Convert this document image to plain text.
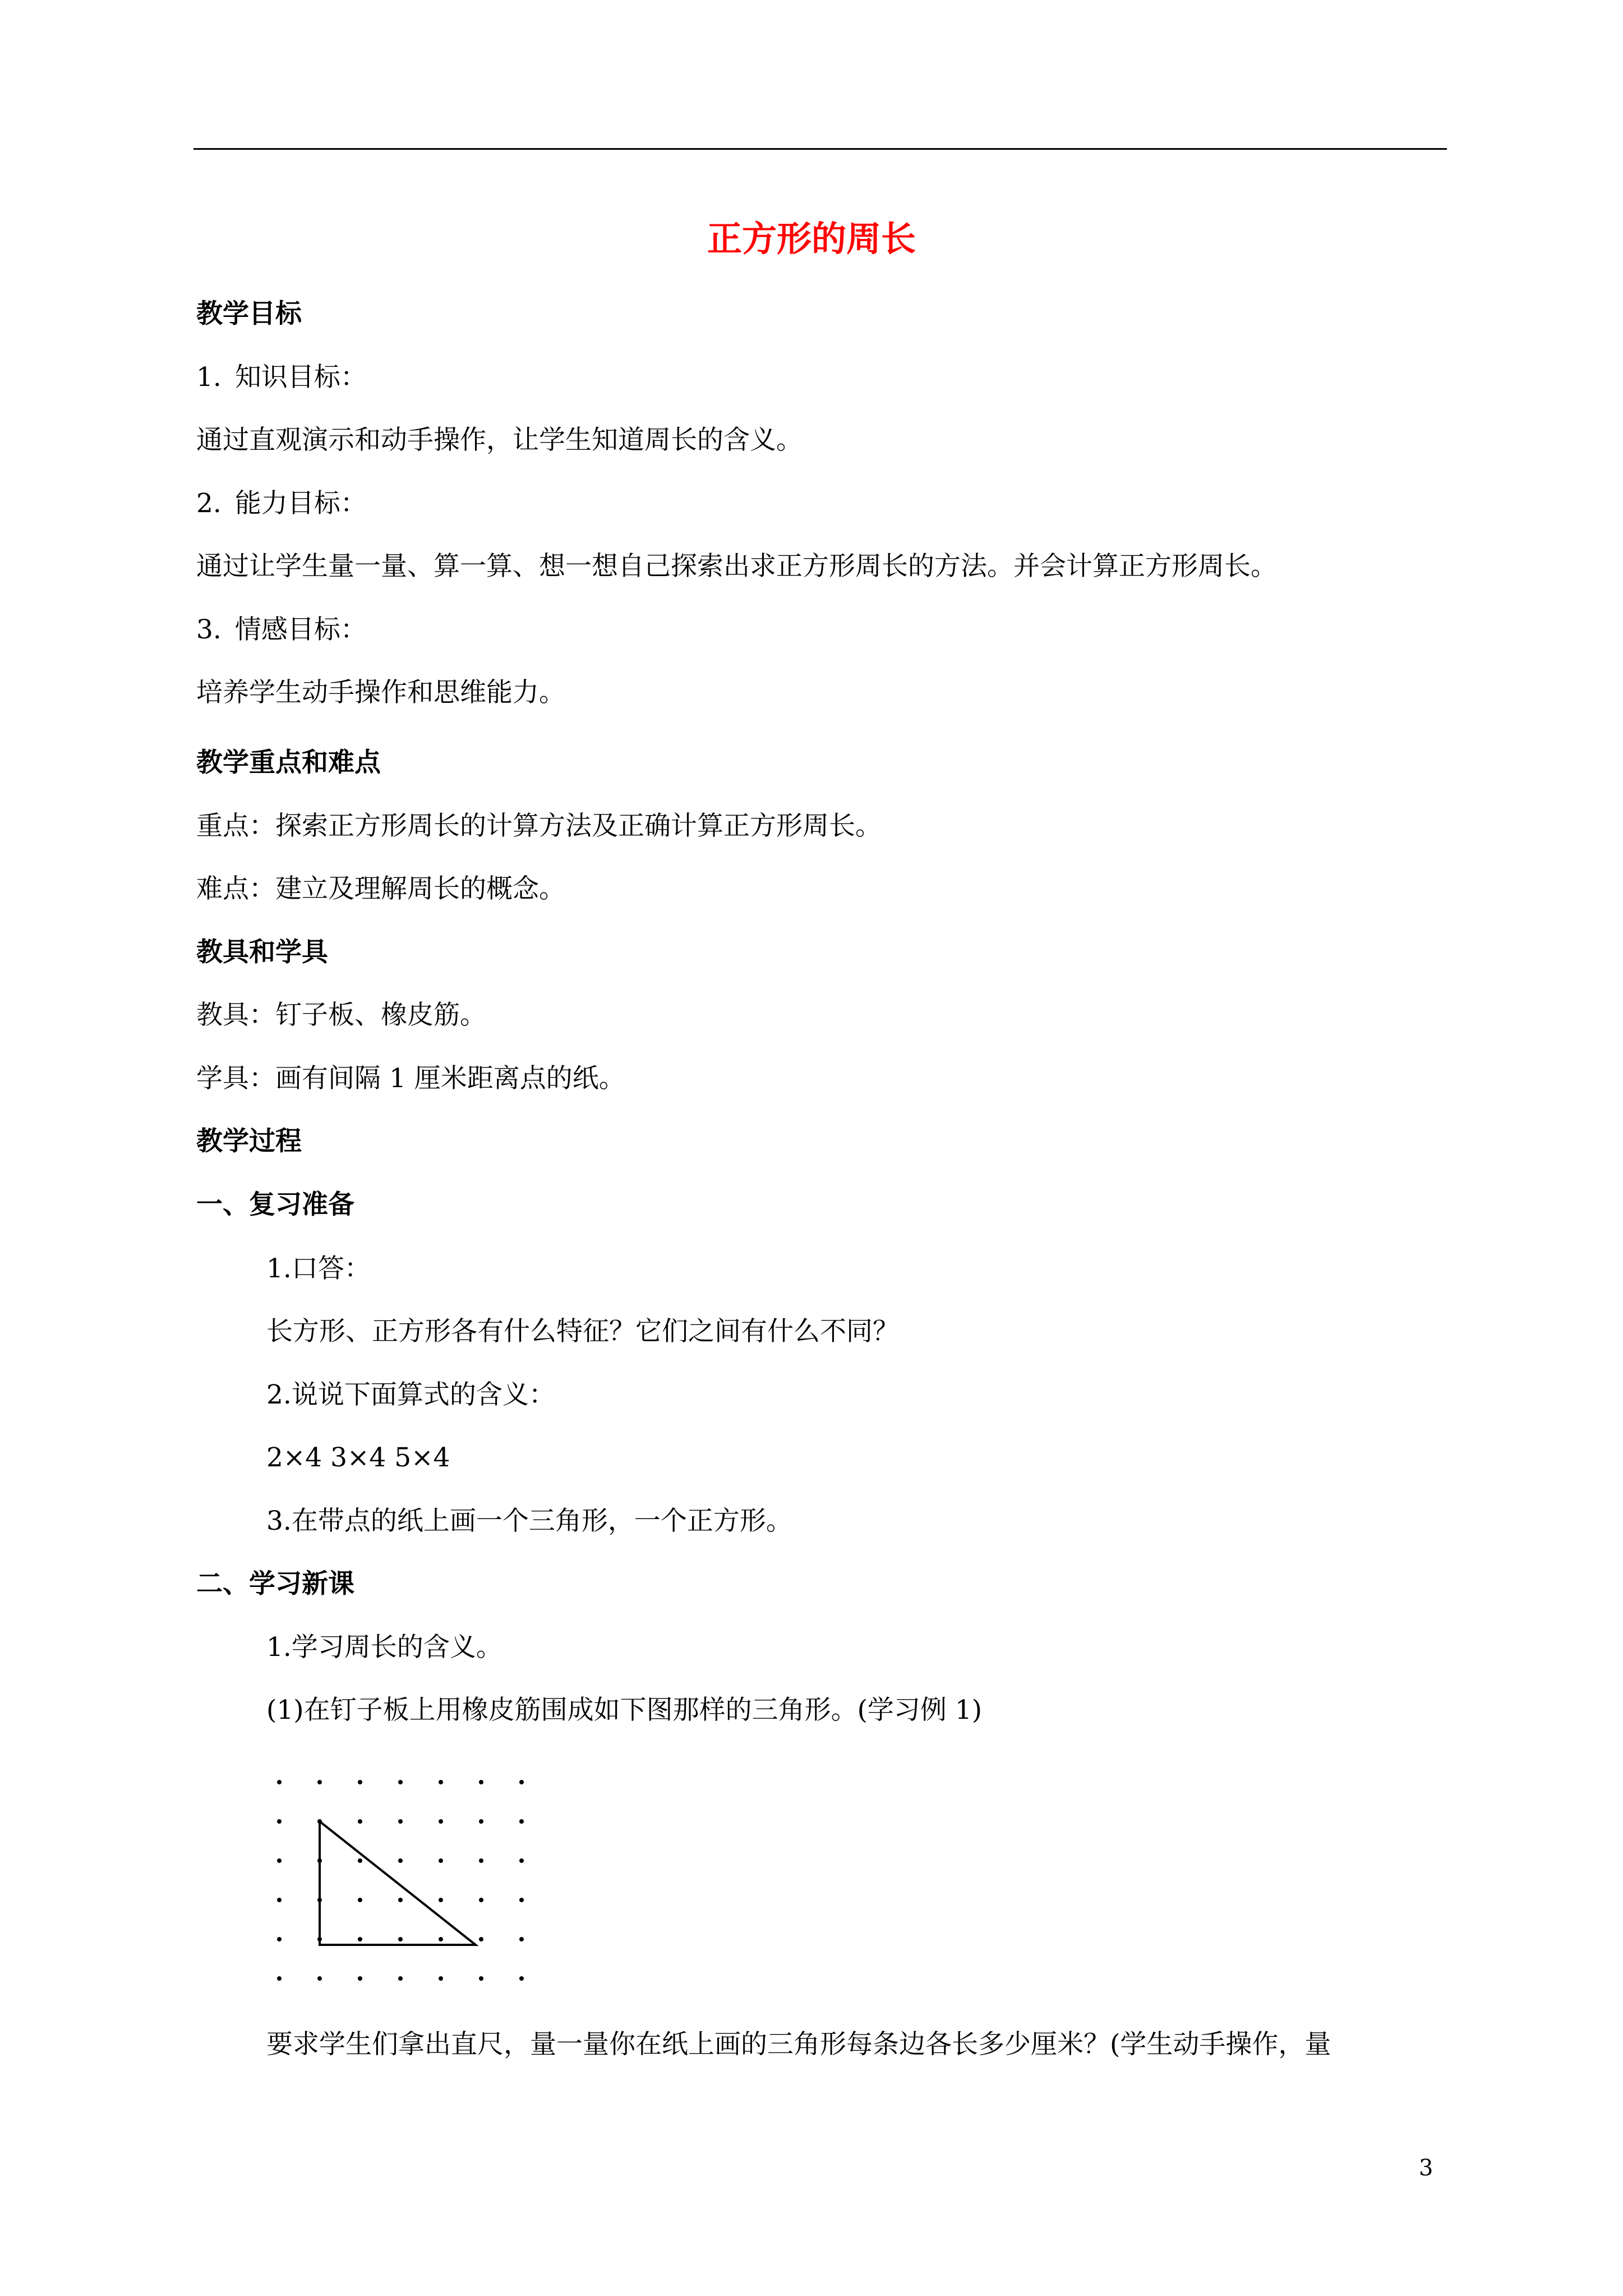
正方形的周长
教学目标
1. 知识目标：
通过直观演示和动手操作，让学生知道周长的含义。
2. 能力目标：
通过让学生量一量、算一算、想一想自己探索出求正方形周长的方法。并会计算正方形周长。
3. 情感目标：
培养学生动手操作和思维能力。
教学重点和难点
重点：探索正方形周长的计算方法及正确计算正方形周长。
难点：建立及理解周长的概念。
教具和学具
教具：钉子板、橡皮筋。
学具：画有间隔 1 厘米距离点的纸。
教学过程
一、复习准备
1.口答：
长方形、正方形各有什么特征？它们之间有什么不同？
2.说说下面算式的含义：
2×4 3×4 5×4
3.在带点的纸上画一个三角形，一个正方形。
二、学习新课
1.学习周长的含义。
(1)在钉子板上用橡皮筋围成如下图那样的三角形。(学习例 1)
要求学生们拿出直尺，量一量你在纸上画的三角形每条边各长多少厘米？(学生动手操作，量
3
